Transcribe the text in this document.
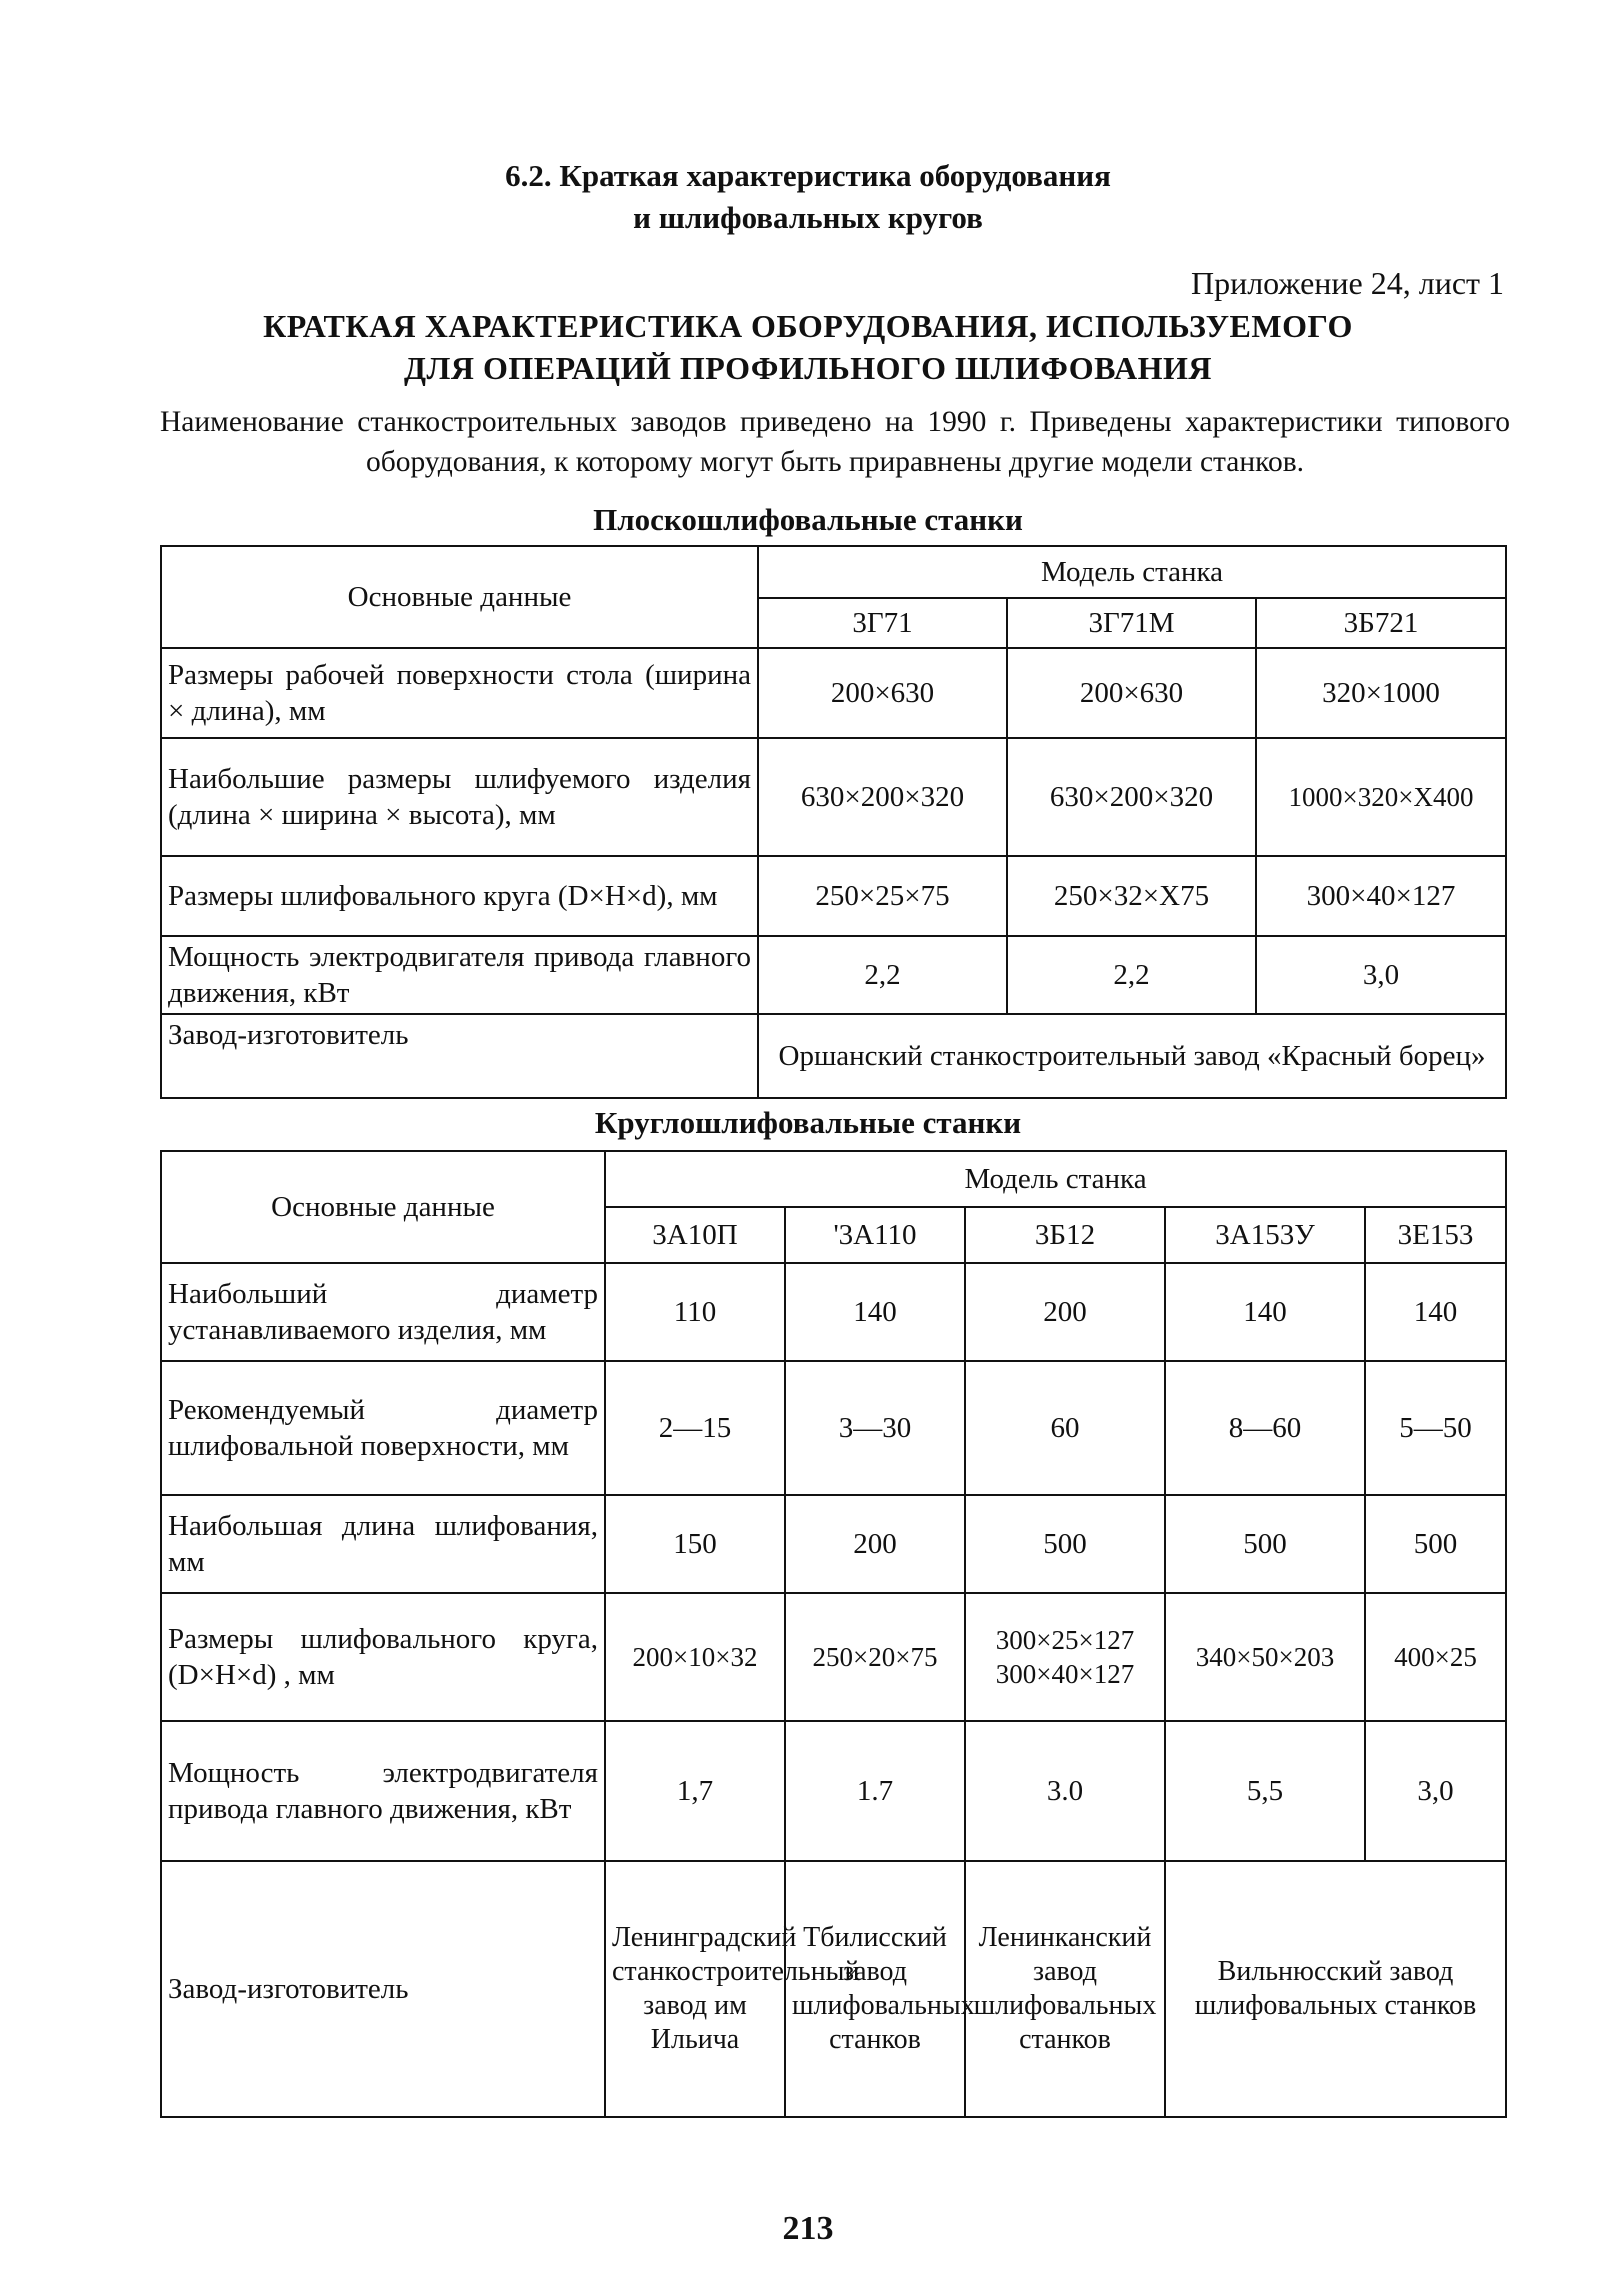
6.2. Краткая характеристика оборудования
и шлифовальных кругов
Приложение 24, лист 1
КРАТКАЯ ХАРАКТЕРИСТИКА ОБОРУДОВАНИЯ, ИСПОЛЬЗУЕМОГО
ДЛЯ ОПЕРАЦИЙ ПРОФИЛЬНОГО ШЛИФОВАНИЯ
Наименование станкостроительных заводов приведено на 1990 г. Приведены характеристики типового оборудования, к которому могут быть приравнены другие модели станков.
Плоскошлифовальные станки
Основные данные	Модель станка		
	3Г71	3Г71М	3Б721
Размеры рабочей поверхности стола (ширина × длина), мм	200×630	200×630	320×1000
Наибольшие размеры шлифуемого изделия (длина × ширина × высота), мм	630×200×320	630×200×320	1000×320×Х400
Размеры шлифовального круга (D×H×d), мм	250×25×75	250×32×Х75	300×40×127
Мощность электродвигателя привода главного движения, кВт	2,2	2,2	3,0
Завод-изготовитель	Оршанский станкостроительный завод «Красный борец»		
Круглошлифовальные станки
Основные данные	Модель станка				
	3А10П	'3А110	3Б12	3А153У	3Е153
Наибольший диаметр устанавливаемого изделия, мм	110	140	200	140	140
Рекомендуемый диаметр шлифовальной поверхности, мм	2—15	3—30	60	8—60	5—50
Наибольшая длина шлифования, мм	150	200	500	500	500
Размеры шлифовального круга, (D×H×d) , мм	200×10×32	250×20×75	300×25×127 300×40×127	340×50×203	400×25
Мощность электродвигателя привода главного движения, кВт	1,7	1.7	3.0	5,5	3,0
Завод-изготовитель	Ленинградский станкостроительный завод им Ильича	Тбилисский завод шлифовальных станков	Ленинканский завод шлифовальных станков	Вильнюсский завод шлифовальных станков	
213
